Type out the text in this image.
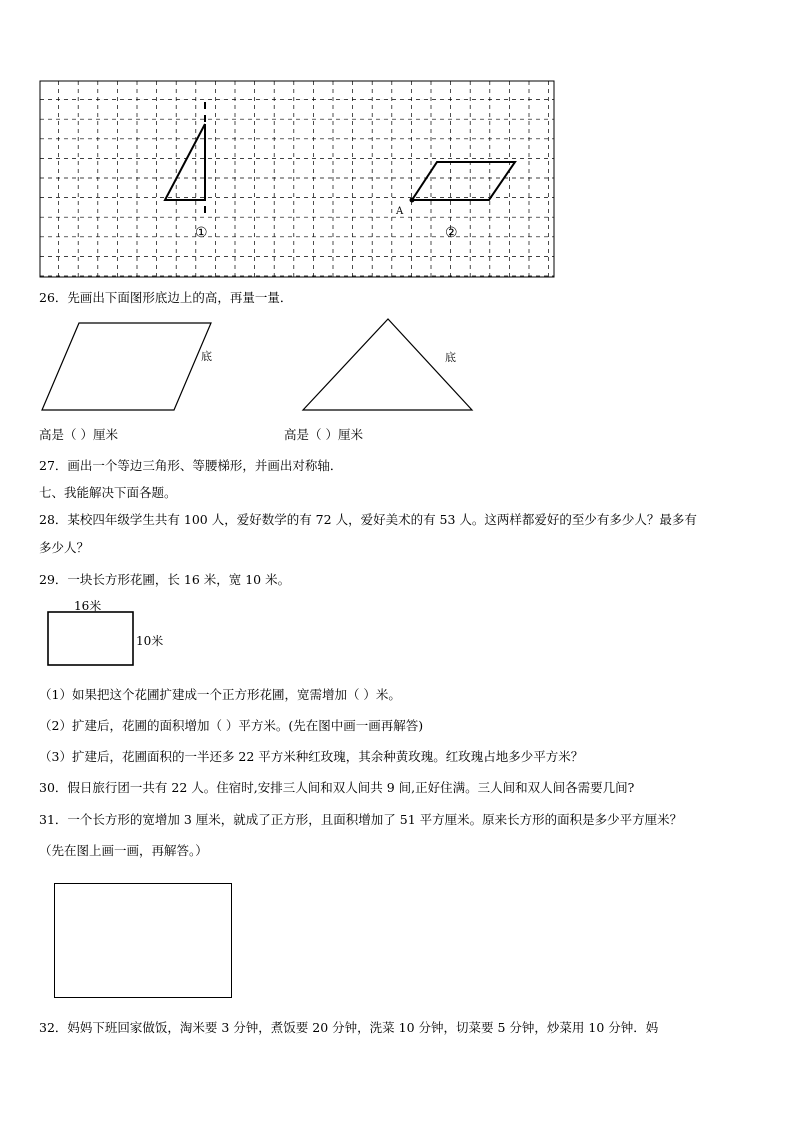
A
①	②
26．先画出下面图形底边上的高，再量一量．
底	底
高是（ ）厘米	高是（ ）厘米
27．画出一个等边三角形、等腰梯形，并画出对称轴．
七、我能解决下面各题。
28．某校四年级学生共有 100 人，爱好数学的有 72 人，爱好美术的有 53 人。这两样都爱好的至少有多少人？最多有
多少人？
29．一块长方形花圃，长 16 米，宽 10 米。
16米
10米
（1）如果把这个花圃扩建成一个正方形花圃，宽需增加（ ）米。
（2）扩建后，花圃的面积增加（ ）平方米。(先在图中画一画再解答)
（3）扩建后，花圃面积的一半还多 22 平方米种红玫瑰，其余种黄玫瑰。红玫瑰占地多少平方米？
30．假日旅行团一共有 22 人。住宿时,安排三人间和双人间共 9 间,正好住满。三人间和双人间各需要几间?
31．一个长方形的宽增加 3 厘米，就成了正方形，且面积增加了 51 平方厘米。原来长方形的面积是多少平方厘米？
（先在图上画一画，再解答。）
32．妈妈下班回家做饭，淘米要 3 分钟，煮饭要 20 分钟，洗菜 10 分钟，切菜要 5 分钟，炒菜用 10 分钟．妈
